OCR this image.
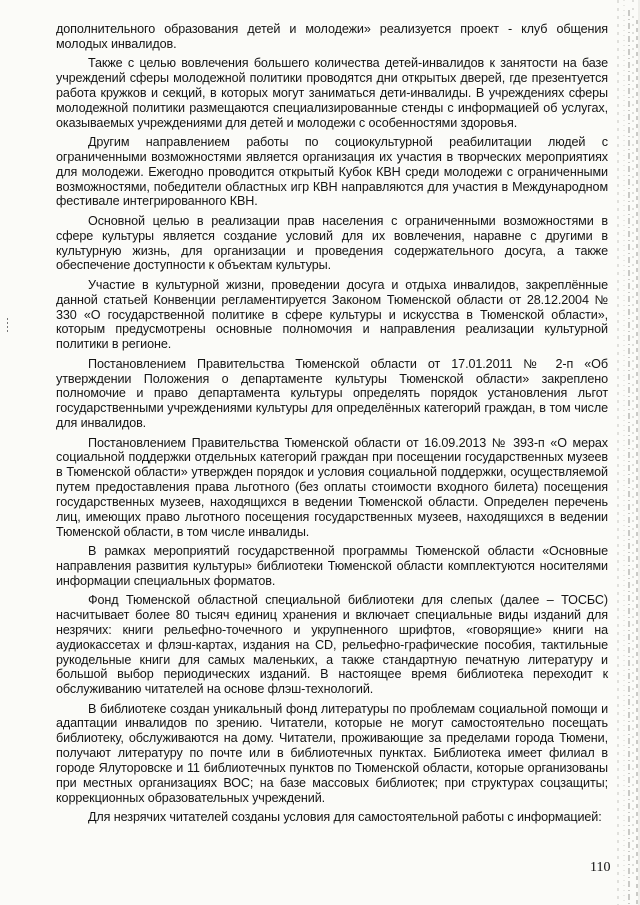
дополнительного образования детей и молодежи» реализуется проект - клуб общения молодых инвалидов.

Также с целью вовлечения большего количества детей-инвалидов к занятости на базе учреждений сферы молодежной политики проводятся дни открытых дверей, где презентуется работа кружков и секций, в которых могут заниматься дети-инвалиды. В учреждениях сферы молодежной политики размещаются специализированные стенды с информацией об услугах, оказываемых учреждениями для детей и молодежи с особенностями здоровья.

Другим направлением работы по социокультурной реабилитации людей с ограниченными возможностями является организация их участия в творческих мероприятиях для молодежи. Ежегодно проводится открытый Кубок КВН среди молодежи с ограниченными возможностями, победители областных игр КВН направляются для участия в Международном фестивале интегрированного КВН.

Основной целью в реализации прав населения с ограниченными возможностями в сфере культуры является создание условий для их вовлечения, наравне с другими в культурную жизнь, для организации и проведения содержательного досуга, а также обеспечение доступности к объектам культуры.

Участие в культурной жизни, проведении досуга и отдыха инвалидов, закреплённые данной статьей Конвенции регламентируется Законом Тюменской области от 28.12.2004 № 330 «О государственной политике в сфере культуры и искусства в Тюменской области», которым предусмотрены основные полномочия и направления реализации культурной политики в регионе.

Постановлением Правительства Тюменской области от 17.01.2011 № 2-п «Об утверждении Положения о департаменте культуры Тюменской области» закреплено полномочие и право департамента культуры определять порядок установления льгот государственными учреждениями культуры для определённых категорий граждан, в том числе для инвалидов.

Постановлением Правительства Тюменской области от 16.09.2013 № 393-п «О мерах социальной поддержки отдельных категорий граждан при посещении государственных музеев в Тюменской области» утвержден порядок и условия социальной поддержки, осуществляемой путем предоставления права льготного (без оплаты стоимости входного билета) посещения государственных музеев, находящихся в ведении Тюменской области. Определен перечень лиц, имеющих право льготного посещения государственных музеев, находящихся в ведении Тюменской области, в том числе инвалиды.

В рамках мероприятий государственной программы Тюменской области «Основные направления развития культуры» библиотеки Тюменской области комплектуются носителями информации специальных форматов.

Фонд Тюменской областной специальной библиотеки для слепых (далее – ТОСБС) насчитывает более 80 тысяч единиц хранения и включает специальные виды изданий для незрячих: книги рельефно-точечного и укрупненного шрифтов, «говорящие» книги на аудиокассетах и флэш-картах, издания на CD, рельефно-графические пособия, тактильные рукодельные книги для самых маленьких, а также стандартную печатную литературу и большой выбор периодических изданий. В настоящее время библиотека переходит к обслуживанию читателей на основе флэш-технологий.

В библиотеке создан уникальный фонд литературы по проблемам социальной помощи и адаптации инвалидов по зрению. Читатели, которые не могут самостоятельно посещать библиотеку, обслуживаются на дому. Читатели, проживающие за пределами города Тюмени, получают литературу по почте или в библиотечных пунктах. Библиотека имеет филиал в городе Ялуторовске и 11 библиотечных пунктов по Тюменской области, которые организованы при местных организациях ВОС; на базе массовых библиотек; при структурах соцзащиты; коррекционных образовательных учреждений.

Для незрячих читателей созданы условия для самостоятельной работы с информацией:

110
